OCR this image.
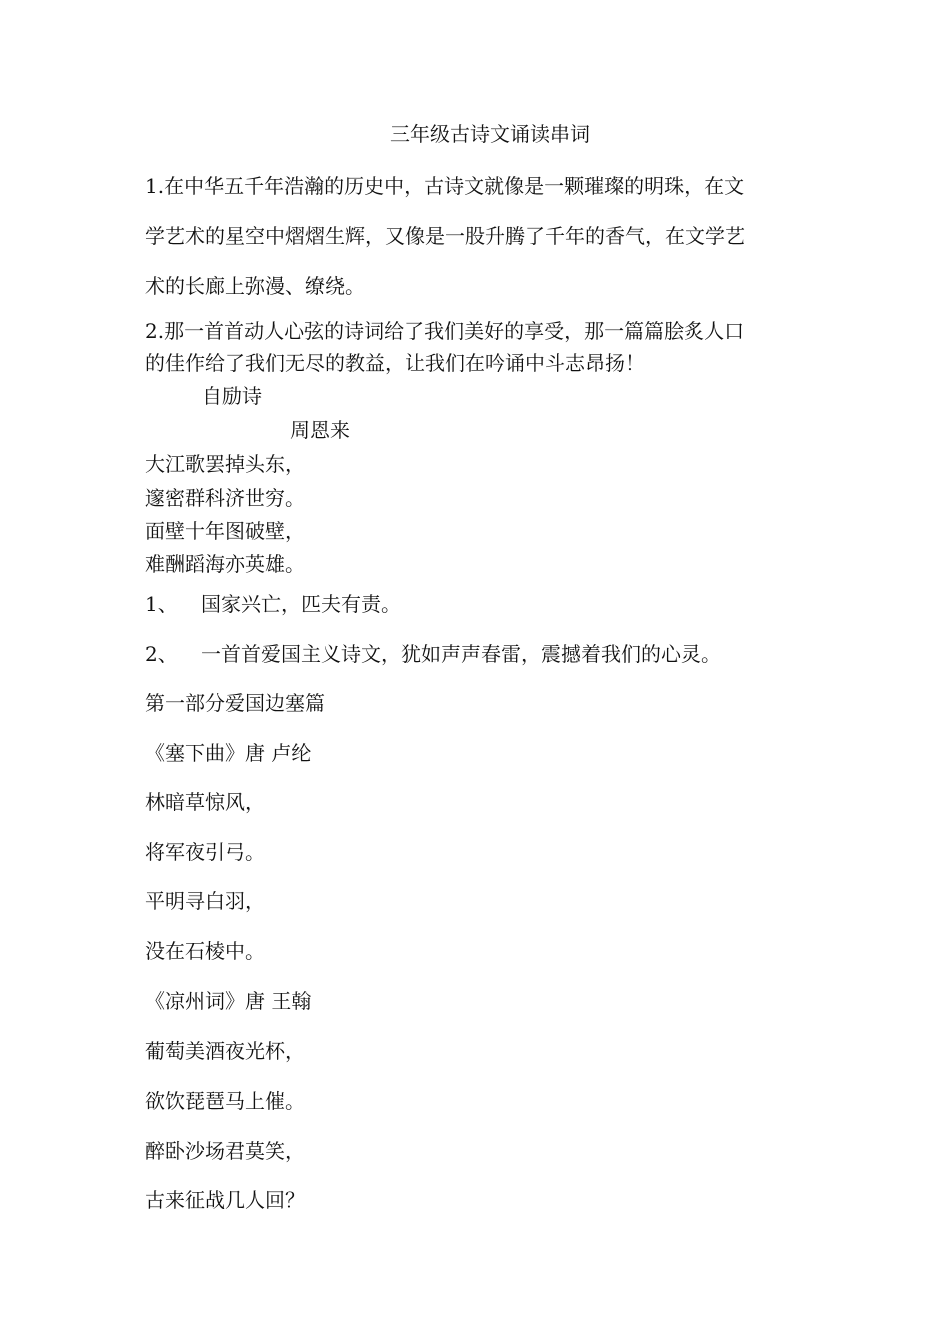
三年级古诗文诵读串词
1.在中华五千年浩瀚的历史中，古诗文就像是一颗璀璨的明珠，在文
学艺术的星空中熠熠生辉，又像是一股升腾了千年的香气，在文学艺
术的长廊上弥漫、缭绕。
2.那一首首动人心弦的诗词给了我们美好的享受，那一篇篇脍炙人口
的佳作给了我们无尽的教益，让我们在吟诵中斗志昂扬！
自励诗
周恩来
大江歌罢掉头东，
邃密群科济世穷。
面壁十年图破壁，
难酬蹈海亦英雄。
1、 国家兴亡，匹夫有责。
2、 一首首爱国主义诗文，犹如声声春雷，震撼着我们的心灵。
第一部分爱国边塞篇
《塞下曲》唐 卢纶
林暗草惊风，
将军夜引弓。
平明寻白羽，
没在石棱中。
《凉州词》唐 王翰
葡萄美酒夜光杯，
欲饮琵琶马上催。
醉卧沙场君莫笑，
古来征战几人回？
